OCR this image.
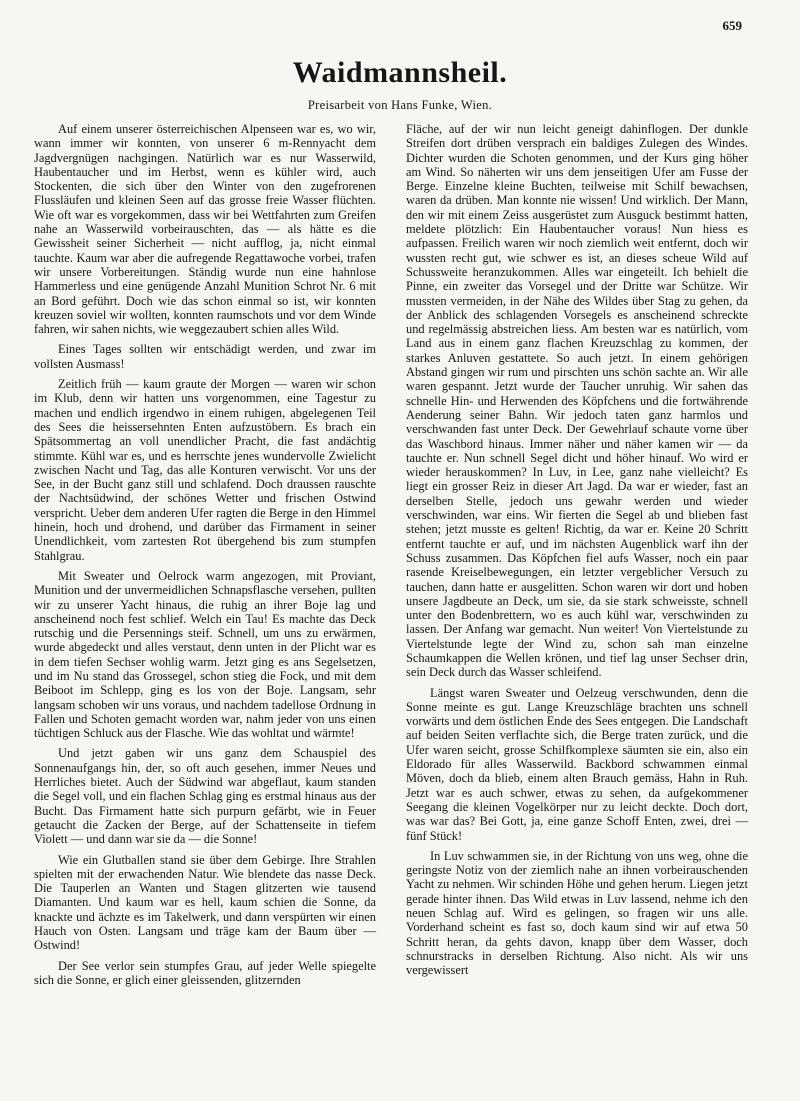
659
Waidmannsheil.
Preisarbeit von Hans Funke, Wien.

Auf einem unserer österreichischen Alpenseen war es, wo wir, wann immer wir konnten, von unserer 6 m-Rennyacht dem Jagdvergnügen nachgingen. Natürlich war es nur Wasserwild, Haubentaucher und im Herbst, wenn es kühler wird, auch Stockenten, die sich über den Winter von den zugefrorenen Flussläufen und kleinen Seen auf das grosse freie Wasser flüchten. Wie oft war es vorgekommen, dass wir bei Wettfahrten zum Greifen nahe an Wasserwild vorbeirauschten, das — als hätte es die Gewissheit seiner Sicherheit — nicht aufflog, ja, nicht einmal tauchte. Kaum war aber die aufregende Regattawoche vorbei, trafen wir unsere Vorbereitungen. Ständig wurde nun eine hahnlose Hammerless und eine genügende Anzahl Munition Schrot Nr. 6 mit an Bord geführt. Doch wie das schon einmal so ist, wir konnten kreuzen soviel wir wollten, konnten raumschots und vor dem Winde fahren, wir sahen nichts, wie weggezaubert schien alles Wild.

Eines Tages sollten wir entschädigt werden, und zwar im vollsten Ausmass!

Zeitlich früh — kaum graute der Morgen — waren wir schon im Klub, denn wir hatten uns vorgenommen, eine Tagestur zu machen und endlich irgendwo in einem ruhigen, abgelegenen Teil des Sees die heissersehnten Enten aufzustöbern. Es brach ein Spätsommertag an voll unendlicher Pracht, die fast andächtig stimmte. Kühl war es, und es herrschte jenes wundervolle Zwielicht zwischen Nacht und Tag, das alle Konturen verwischt. Vor uns der See, in der Bucht ganz still und schlafend. Doch draussen rauschte der Nachtsüdwind, der schönes Wetter und frischen Ostwind verspricht. Ueber dem anderen Ufer ragten die Berge in den Himmel hinein, hoch und drohend, und darüber das Firmament in seiner Unendlichkeit, vom zartesten Rot übergehend bis zum stumpfen Stahlgrau.

Mit Sweater und Oelrock warm angezogen, mit Proviant, Munition und der unvermeidlichen Schnapsflasche versehen, pullten wir zu unserer Yacht hinaus, die ruhig an ihrer Boje lag und anscheinend noch fest schlief. Welch ein Tau! Es machte das Deck rutschig und die Persennings steif. Schnell, um uns zu erwärmen, wurde abgedeckt und alles verstaut, denn unten in der Plicht war es in dem tiefen Sechser wohlig warm. Jetzt ging es ans Segelsetzen, und im Nu stand das Grossegel, schon stieg die Fock, und mit dem Beiboot im Schlepp, ging es los von der Boje. Langsam, sehr langsam schoben wir uns voraus, und nachdem tadellose Ordnung in Fallen und Schoten gemacht worden war, nahm jeder von uns einen tüchtigen Schluck aus der Flasche. Wie das wohltat und wärmte!

Und jetzt gaben wir uns ganz dem Schauspiel des Sonnenaufgangs hin, der, so oft auch gesehen, immer Neues und Herrliches bietet. Auch der Südwind war abgeflaut, kaum standen die Segel voll, und ein flachen Schlag ging es erstmal hinaus aus der Bucht. Das Firmament hatte sich purpurn gefärbt, wie in Feuer getaucht die Zacken der Berge, auf der Schattenseite in tiefem Violett — und dann war sie da — die Sonne!

Wie ein Glutballen stand sie über dem Gebirge. Ihre Strahlen spielten mit der erwachenden Natur. Wie blendete das nasse Deck. Die Tauperlen an Wanten und Stagen glitzerten wie tausend Diamanten. Und kaum war es hell, kaum schien die Sonne, da knackte und ächzte es im Takelwerk, und dann verspürten wir einen Hauch von Osten. Langsam und träge kam der Baum über — Ostwind!

Der See verlor sein stumpfes Grau, auf jeder Welle spiegelte sich die Sonne, er glich einer gleissenden, glitzernden

Fläche, auf der wir nun leicht geneigt dahinflogen. Der dunkle Streifen dort drüben versprach ein baldiges Zulegen des Windes. Dichter wurden die Schoten genommen, und der Kurs ging höher am Wind. So näherten wir uns dem jenseitigen Ufer am Fusse der Berge. Einzelne kleine Buchten, teilweise mit Schilf bewachsen, waren da drüben. Man konnte nie wissen! Und wirklich. Der Mann, den wir mit einem Zeiss ausgerüstet zum Ausguck bestimmt hatten, meldete plötzlich: Ein Haubentaucher voraus! Nun hiess es aufpassen. Freilich waren wir noch ziemlich weit entfernt, doch wir wussten recht gut, wie schwer es ist, an dieses scheue Wild auf Schussweite heranzukommen. Alles war eingeteilt. Ich behielt die Pinne, ein zweiter das Vorsegel und der Dritte war Schütze. Wir mussten vermeiden, in der Nähe des Wildes über Stag zu gehen, da der Anblick des schlagenden Vorsegels es anscheinend schreckte und regelmässig abstreichen liess. Am besten war es natürlich, vom Land aus in einem ganz flachen Kreuzschlag zu kommen, der starkes Anluven gestattete. So auch jetzt. In einem gehörigen Abstand gingen wir rum und pirschten uns schön sachte an. Wir alle waren gespannt. Jetzt wurde der Taucher unruhig. Wir sahen das schnelle Hin- und Herwenden des Köpfchens und die fortwährende Aenderung seiner Bahn. Wir jedoch taten ganz harmlos und verschwanden fast unter Deck. Der Gewehrlauf schaute vorne über das Waschbord hinaus. Immer näher und näher kamen wir — da tauchte er. Nun schnell Segel dicht und höher hinauf. Wo wird er wieder herauskommen? In Luv, in Lee, ganz nahe vielleicht? Es liegt ein grosser Reiz in dieser Art Jagd. Da war er wieder, fast an derselben Stelle, jedoch uns gewahr werden und wieder verschwinden, war eins. Wir fierten die Segel ab und blieben fast stehen; jetzt musste es gelten! Richtig, da war er. Keine 20 Schritt entfernt tauchte er auf, und im nächsten Augenblick warf ihn der Schuss zusammen. Das Köpfchen fiel aufs Wasser, noch ein paar rasende Kreiselbewegungen, ein letzter vergeblicher Versuch zu tauchen, dann hatte er ausgelitten. Schon waren wir dort und hoben unsere Jagdbeute an Deck, um sie, da sie stark schweisste, schnell unter den Bodenbrettern, wo es auch kühl war, verschwinden zu lassen. Der Anfang war gemacht. Nun weiter! Von Viertelstunde zu Viertelstunde legte der Wind zu, schon sah man einzelne Schaumkappen die Wellen krönen, und tief lag unser Sechser drin, sein Deck durch das Wasser schleifend.

Längst waren Sweater und Oelzeug verschwunden, denn die Sonne meinte es gut. Lange Kreuzschläge brachten uns schnell vorwärts und dem östlichen Ende des Sees entgegen. Die Landschaft auf beiden Seiten verflachte sich, die Berge traten zurück, und die Ufer waren seicht, grosse Schilfkomplexe säumten sie ein, also ein Eldorado für alles Wasserwild. Backbord schwammen einmal Möven, doch da blieb, einem alten Brauch gemäss, Hahn in Ruh. Jetzt war es auch schwer, etwas zu sehen, da aufgekommener Seegang die kleinen Vogelkörper nur zu leicht deckte. Doch dort, was war das? Bei Gott, ja, eine ganze Schoff Enten, zwei, drei — fünf Stück!

In Luv schwammen sie, in der Richtung von uns weg, ohne die geringste Notiz von der ziemlich nahe an ihnen vorbeirauschenden Yacht zu nehmen. Wir schinden Höhe und gehen herum. Liegen jetzt gerade hinter ihnen. Das Wild etwas in Luv lassend, nehme ich den neuen Schlag auf. Wird es gelingen, so fragen wir uns alle. Vorderhand scheint es fast so, doch kaum sind wir auf etwa 50 Schritt heran, da gehts davon, knapp über dem Wasser, doch schnurstracks in derselben Richtung. Also nicht. Als wir uns vergewissert
